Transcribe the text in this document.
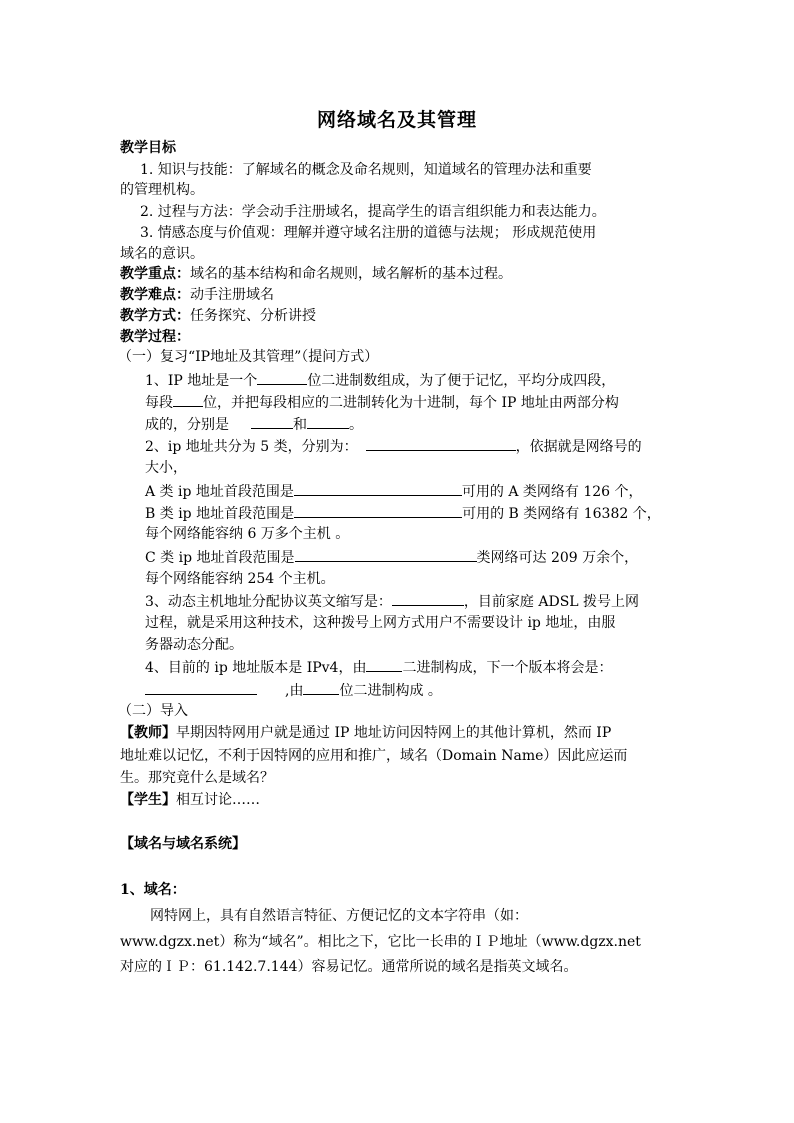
网络域名及其管理
教学目标
1. 知识与技能：了解域名的概念及命名规则，知道域名的管理办法和重要
的管理机构。
2. 过程与方法：学会动手注册域名，提高学生的语言组织能力和表达能力。
3. 情感态度与价值观：理解并遵守域名注册的道德与法规； 形成规范使用
域名的意识。
教学重点：域名的基本结构和命名规则，域名解析的基本过程。
教学难点：动手注册域名
教学方式：任务探究、分析讲授
教学过程：
（一）复习“IP地址及其管理”（提问方式）
1、IP 地址是一个	位二进制数组成，为了便于记忆，平均分成四段，
每段 位，并把每段相应的二进制转化为十进制，每个 IP 地址由两部分构
成的，分别是	和	。
2、ip 地址共分为 5 类，分别为：	，依据就是网络号的
大小，
A 类 ip 地址首段范围是	可用的 A 类网络有 126 个，
B 类 ip 地址首段范围是	可用的 B 类网络有 16382 个，
每个网络能容纳 6 万多个主机 。
C 类 ip 地址首段范围是	类网络可达 209 万余个，
每个网络能容纳 254 个主机。
3、动态主机地址分配协议英文缩写是：	，目前家庭 ADSL 拨号上网
过程，就是采用这种技术，这种拨号上网方式用户不需要设计 ip 地址，由服
务器动态分配。
4、目前的 ip 地址版本是 IPv4，由	二进制构成，下一个版本将会是：
,由	位二进制构成 。
（二）导入
【教师】早期因特网用户就是通过 IP 地址访问因特网上的其他计算机，然而 IP
地址难以记忆，不利于因特网的应用和推广，域名（Domain Name）因此应运而
生。那究竟什么是域名？
【学生】相互讨论……
【域名与域名系统】
1、域名：
网特网上，具有自然语言特征、方便记忆的文本字符串（如：
www.dgzx.net）称为“域名”。相比之下，它比一长串的ＩＰ地址（www.dgzx.net
对应的ＩＰ：61.142.7.144）容易记忆。通常所说的域名是指英文域名。
